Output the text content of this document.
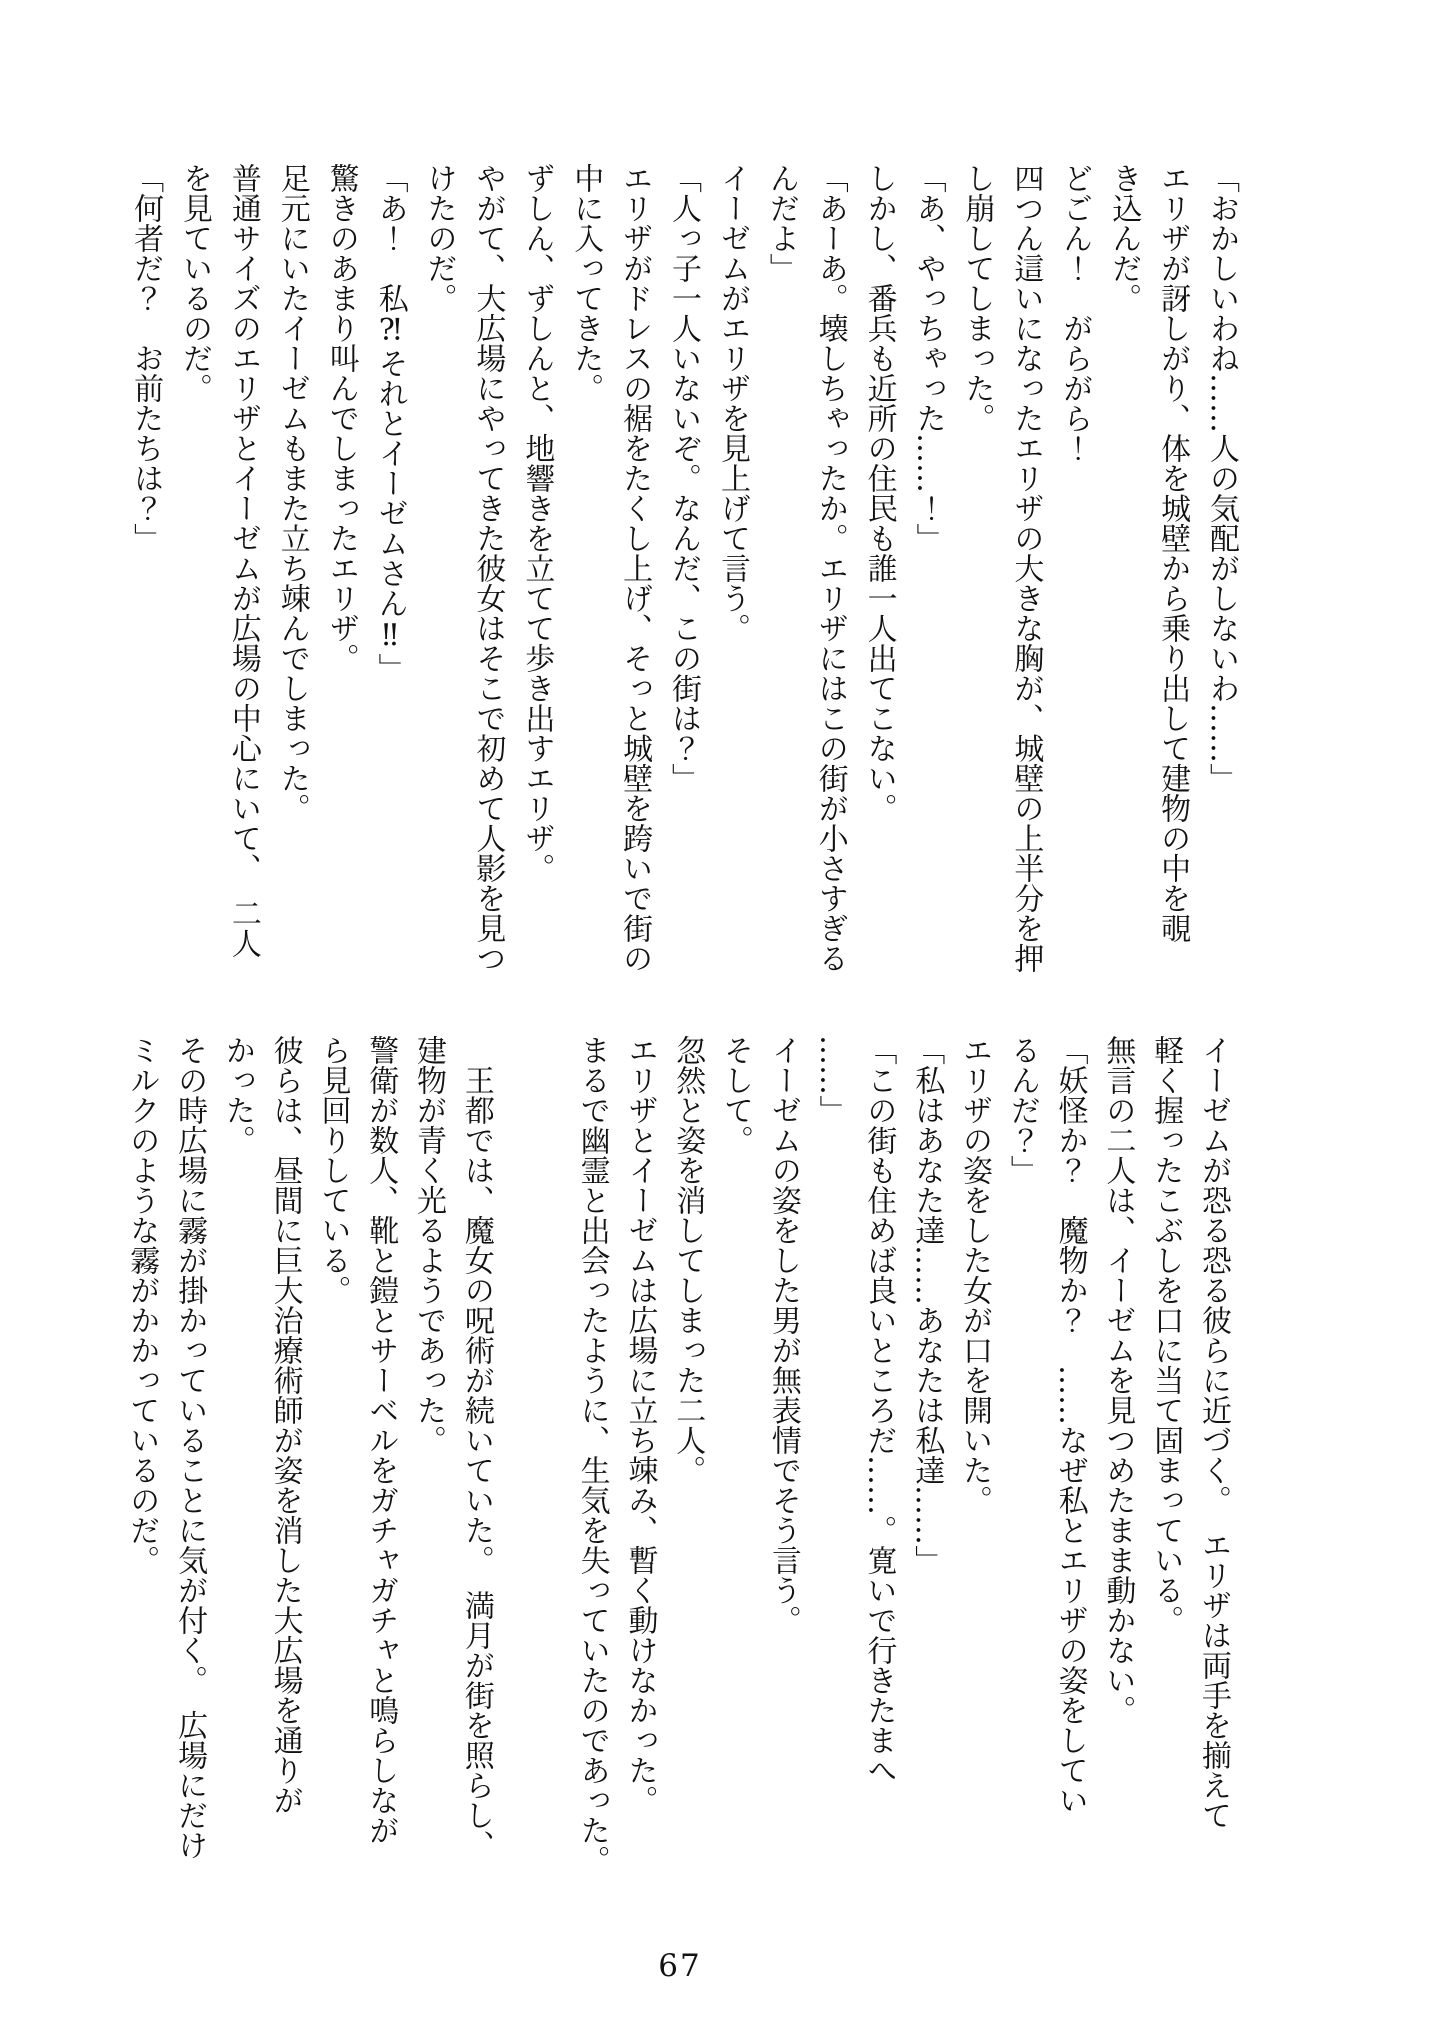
「おかしいわね……人の気配がしないわ……」

エリザが訝しがり、体を城壁から乗り出して建物の中を覗

き込んだ。

どごん！　がらがら！

四つん這いになったエリザの大きな胸が、城壁の上半分を押

し崩してしまった。

「あ、やっちゃった……！」

しかし、番兵も近所の住民も誰一人出てこない。

「あーあ。壊しちゃったか。エリザにはこの街が小さすぎる

んだよ」

イーゼムがエリザを見上げて言う。

「人っ子一人いないぞ。なんだ、この街は？」

エリザがドレスの裾をたくし上げ、そっと城壁を跨いで街の

中に入ってきた。

ずしん、ずしんと、地響きを立てて歩き出すエリザ。

やがて、大広場にやってきた彼女はそこで初めて人影を見つ

けたのだ。

「あ！　私⁈それとイーゼムさん‼」

驚きのあまり叫んでしまったエリザ。

足元にいたイーゼムもまた立ち竦んでしまった。

普通サイズのエリザとイーゼムが広場の中心にいて、　二人

を見ているのだ。

「何者だ？　お前たちは？」

イーゼムが恐る恐る彼らに近づく。　エリザは両手を揃えて

軽く握ったこぶしを口に当て固まっている。

無言の二人は、イーゼムを見つめたまま動かない。

「妖怪か？　魔物か？　……なぜ私とエリザの姿をしてい

るんだ？」

エリザの姿をした女が口を開いた。

「私はあなた達……あなたは私達……」

「この街も住めば良いところだ……。寛いで行きたまへ

……」

イーゼムの姿をした男が無表情でそう言う。

そして。

忽然と姿を消してしまった二人。

エリザとイーゼムは広場に立ち竦み、暫く動けなかった。

まるで幽霊と出会ったように、生気を失っていたのであった。

　王都では、魔女の呪術が続いていた。　満月が街を照らし、

建物が青く光るようであった。

警衛が数人、靴と鎧とサーベルをガチャガチャと鳴らしなが

ら見回りしている。

彼らは、昼間に巨大治療術師が姿を消した大広場を通りが

かった。

その時広場に霧が掛かっていることに気が付く。　広場にだけ

ミルクのような霧がかかっているのだ。

67
